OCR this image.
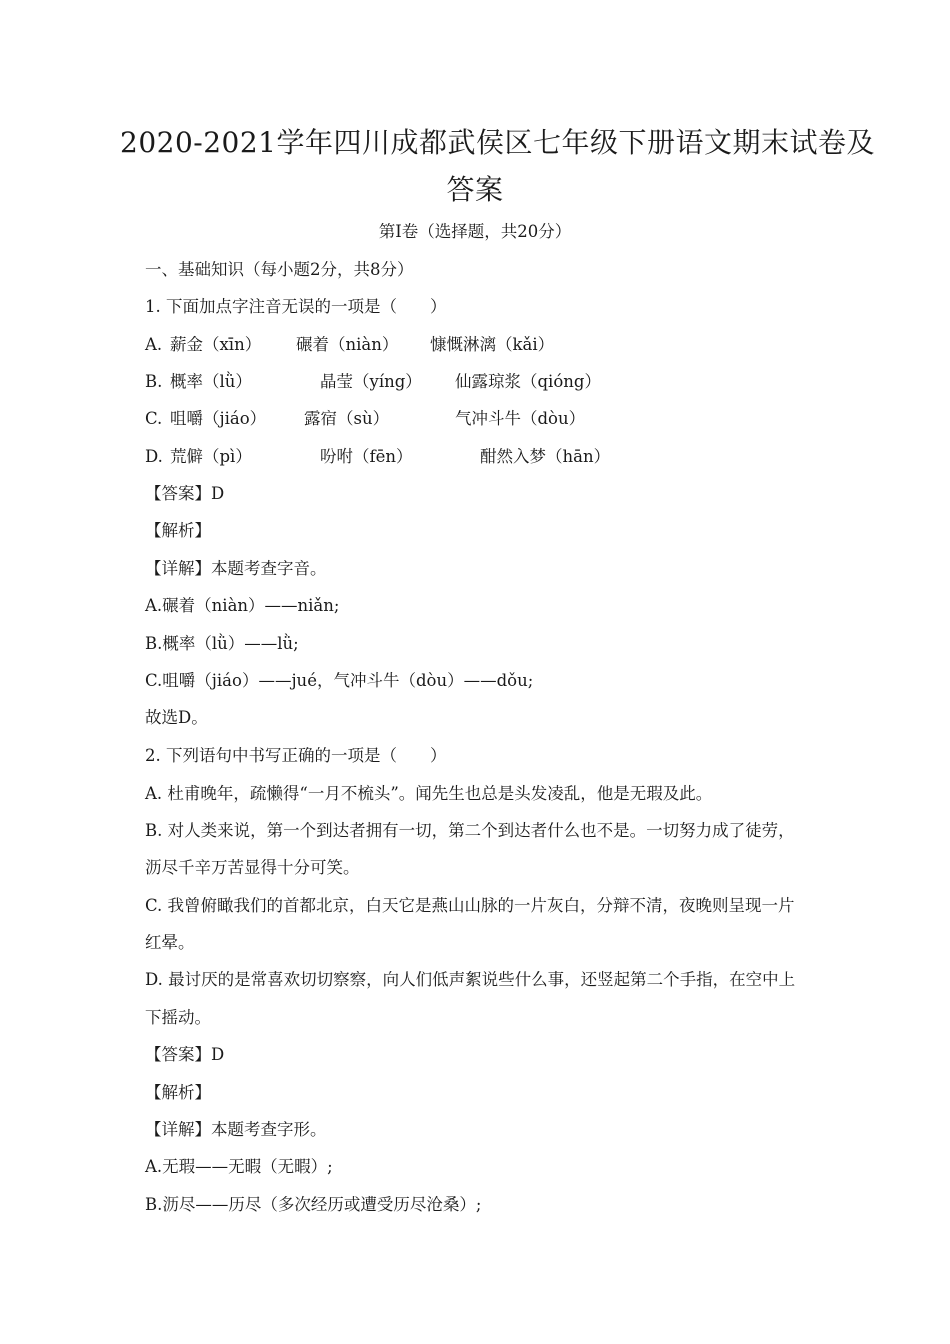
2020-2021学年四川成都武侯区七年级下册语文期末试卷及
答案
第Ⅰ卷（选择题，共20分）
一、基础知识（每小题2分，共8分）
1. 下面加点字注音无误的一项是（　　）
A. 薪金（xīn） 碾着（niàn） 慷慨淋漓（kǎi）
B. 概率（lǜ）	晶莹（yíng） 仙露琼浆（qióng）
C. 咀嚼（jiáo） 露宿（sù）	气冲斗牛（dòu）
D. 荒僻（pì）	吩咐（fēn）	酣然入梦（hān）
【答案】D
【解析】
【详解】本题考查字音。
A.碾着（niàn）——niǎn;
B.概率（lǜ）——lǜ;
C.咀嚼（jiáo）——jué，气冲斗牛（dòu）——dǒu;
故选D。
2. 下列语句中书写正确的一项是（　　）
A. 杜甫晚年，疏懒得“一月不梳头”。闻先生也总是头发凌乱，他是无瑕及此。
B. 对人类来说，第一个到达者拥有一切，第二个到达者什么也不是。一切努力成了徒劳，
沥尽千辛万苦显得十分可笑。
C. 我曾俯瞰我们的首都北京，白天它是燕山山脉的一片灰白，分辩不清，夜晚则呈现一片
红晕。
D. 最讨厌的是常喜欢切切察察，向人们低声絮说些什么事，还竖起第二个手指，在空中上
下摇动。
【答案】D
【解析】
【详解】本题考查字形。
A.无瑕——无暇（无暇）;
B.沥尽——历尽（多次经历或遭受历尽沧桑）;
